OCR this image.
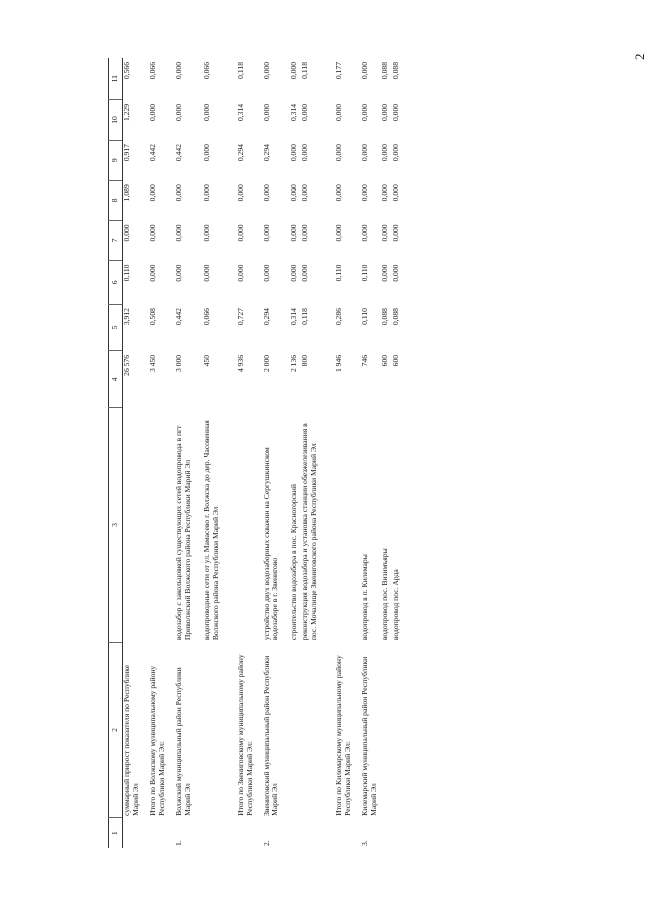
2
1	2	3	4	5	6	7	8	9	10	11
	суммарный прирост показателя по Республике Марий Эл		26 576	3,912	0,110	0,000	1,089	0,917	1,229	0,566
	Итого по Волжскому муниципальному району Республики Марий Эл:		3 450	0,508	0,000	0,000	0,000	0,442	0,000	0,066
1.	Волжский муниципальный район Республики Марий Эл	водозабор с закольцовкой существующих сетей водопровода в пгт Приволжский Волжского района Республики Марий Эл	3 000	0,442	0,000	0,000	0,000	0,442	0,000	0,000
		водопроводные сети от ул. Мамасево г. Волжска до дер. Часовенная Волжского района Республики Марий Эл	450	0,066	0,000	0,000	0,000	0,000	0,000	0,066
	Итого по Звениговскому муниципальному району Республики Марий Эл:		4 936	0,727	0,000	0,000	0,000	0,294	0,314	0,118
2.	Звениговский муниципальный район Республики Марий Эл	устройство двух водозаборных скважин на Сергушкинском водозаборе в г. Звенигово	2 000	0,294	0,000	0,000	0,000	0,294	0,000	0,000
		строительство водозабора в пос. Красногорский	2 136	0,314	0,000	0,000	0,000	0,000	0,314	0,000
		реконструкция водозабора и установка станции обезжелезивания в пос. Мочалище Звениговского района Республики Марий Эл	800	0,118	0,000	0,000	0,000	0,000	0,000	0,118
	Итого по Килемарскому муниципальному району Республики Марий Эл:		1 946	0,286	0,110	0,000	0,000	0,000	0,000	0,177
3.	Килемарский муниципальный район Республики Марий Эл	водопровод в п. Килемары	746	0,110	0,110	0,000	0,000	0,000	0,000	0,000
		водопровод пос. Визимъяры	600	0,088	0,000	0,000	0,000	0,000	0,000	0,088
		водопровод пос. Арда	600	0,088	0,000	0,000	0,000	0,000	0,000	0,088
